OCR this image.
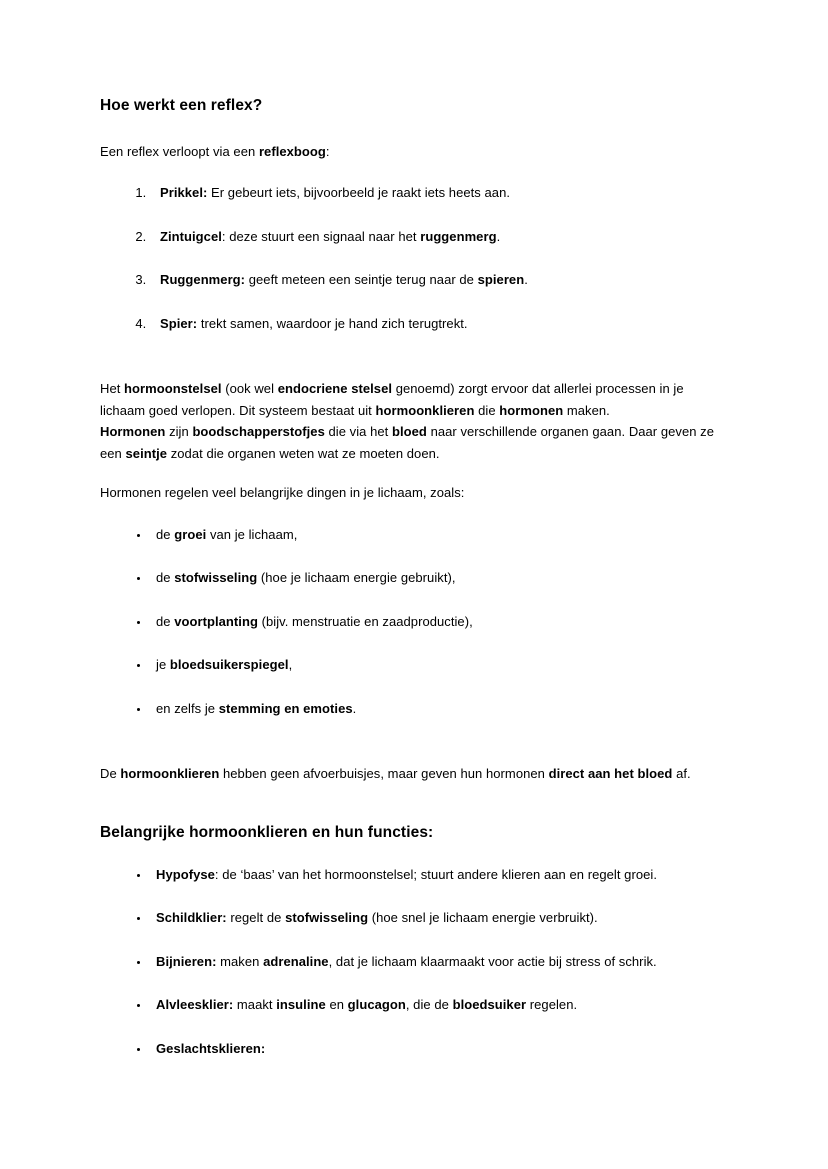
Hoe werkt een reflex?

Een reflex verloopt via een reflexboog:

1. Prikkel: Er gebeurt iets, bijvoorbeeld je raakt iets heets aan.
2. Zintuigcel: deze stuurt een signaal naar het ruggenmerg.
3. Ruggenmerg: geeft meteen een seintje terug naar de spieren.
4. Spier: trekt samen, waardoor je hand zich terugtrekt.

Het hormoonstelsel (ook wel endocriene stelsel genoemd) zorgt ervoor dat allerlei processen in je lichaam goed verlopen. Dit systeem bestaat uit hormoonklieren die hormonen maken.
Hormonen zijn boodschapperstofjes die via het bloed naar verschillende organen gaan. Daar geven ze een seintje zodat die organen weten wat ze moeten doen.

Hormonen regelen veel belangrijke dingen in je lichaam, zoals:

• de groei van je lichaam,
• de stofwisseling (hoe je lichaam energie gebruikt),
• de voortplanting (bijv. menstruatie en zaadproductie),
• je bloedsuikerspiegel,
• en zelfs je stemming en emoties.

De hormoonklieren hebben geen afvoerbuisjes, maar geven hun hormonen direct aan het bloed af.

Belangrijke hormoonklieren en hun functies:
• Hypofyse: de ‘baas’ van het hormoonstelsel; stuurt andere klieren aan en regelt groei.
• Schildklier: regelt de stofwisseling (hoe snel je lichaam energie verbruikt).
• Bijnieren: maken adrenaline, dat je lichaam klaarmaakt voor actie bij stress of schrik.
• Alvleesklier: maakt insuline en glucagon, die de bloedsuiker regelen.
• Geslachtsklieren:
